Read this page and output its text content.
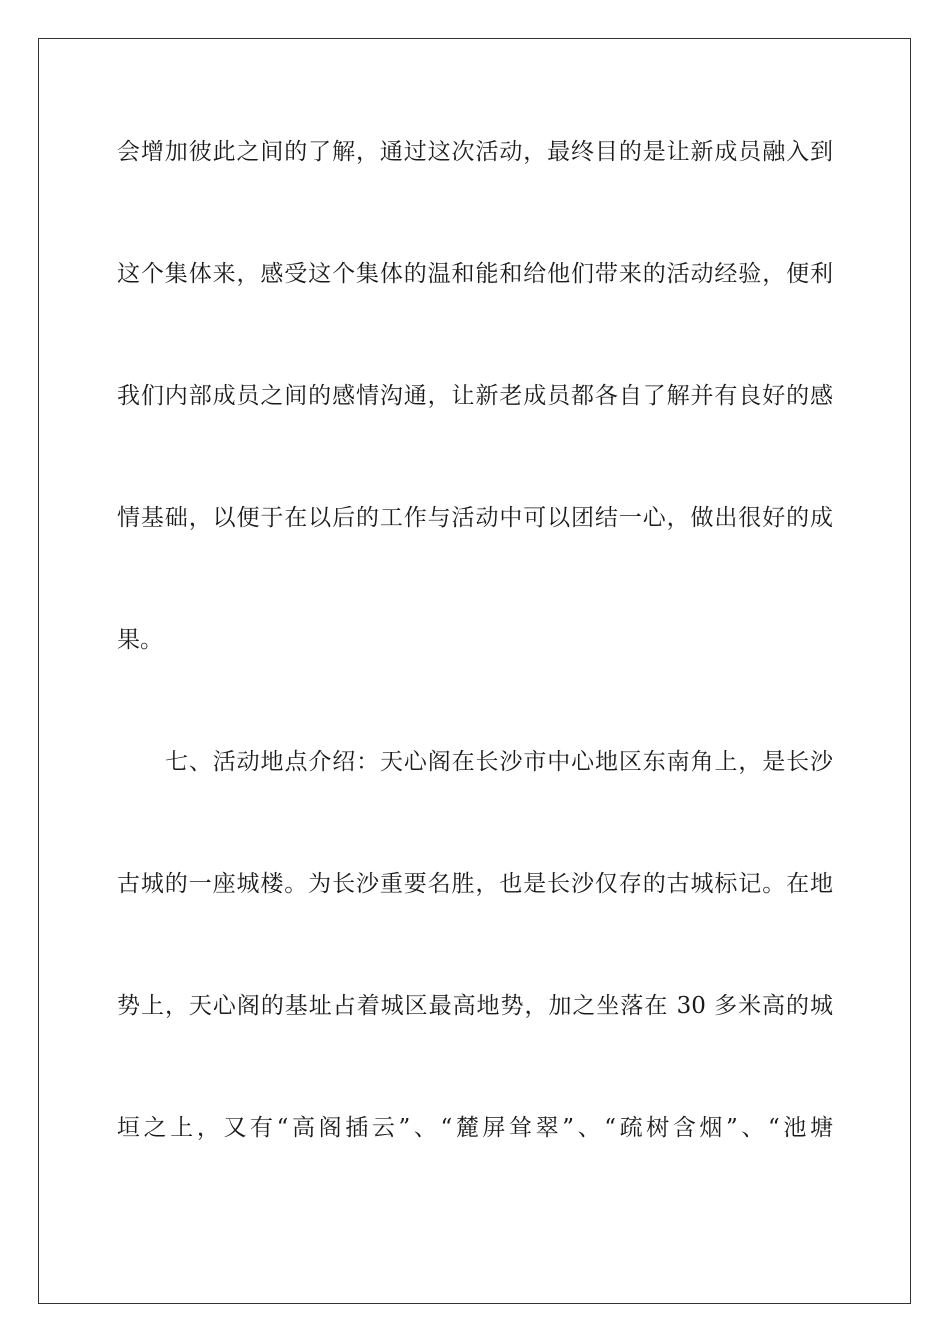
会增加彼此之间的了解，通过这次活动，最终目的是让新成员融入到
这个集体来，感受这个集体的温和能和给他们带来的活动经验，便利
我们内部成员之间的感情沟通，让新老成员都各自了解并有良好的感
情基础，以便于在以后的工作与活动中可以团结一心，做出很好的成
果。
七、活动地点介绍：天心阁在长沙市中心地区东南角上，是长沙
古城的一座城楼。为长沙重要名胜，也是长沙仅存的古城标记。在地
势上，天心阁的基址占着城区最高地势，加之坐落在 30 多米高的城
垣之上，又有“高阁插云”、“麓屏耸翠”、“疏树含烟”、“池塘
